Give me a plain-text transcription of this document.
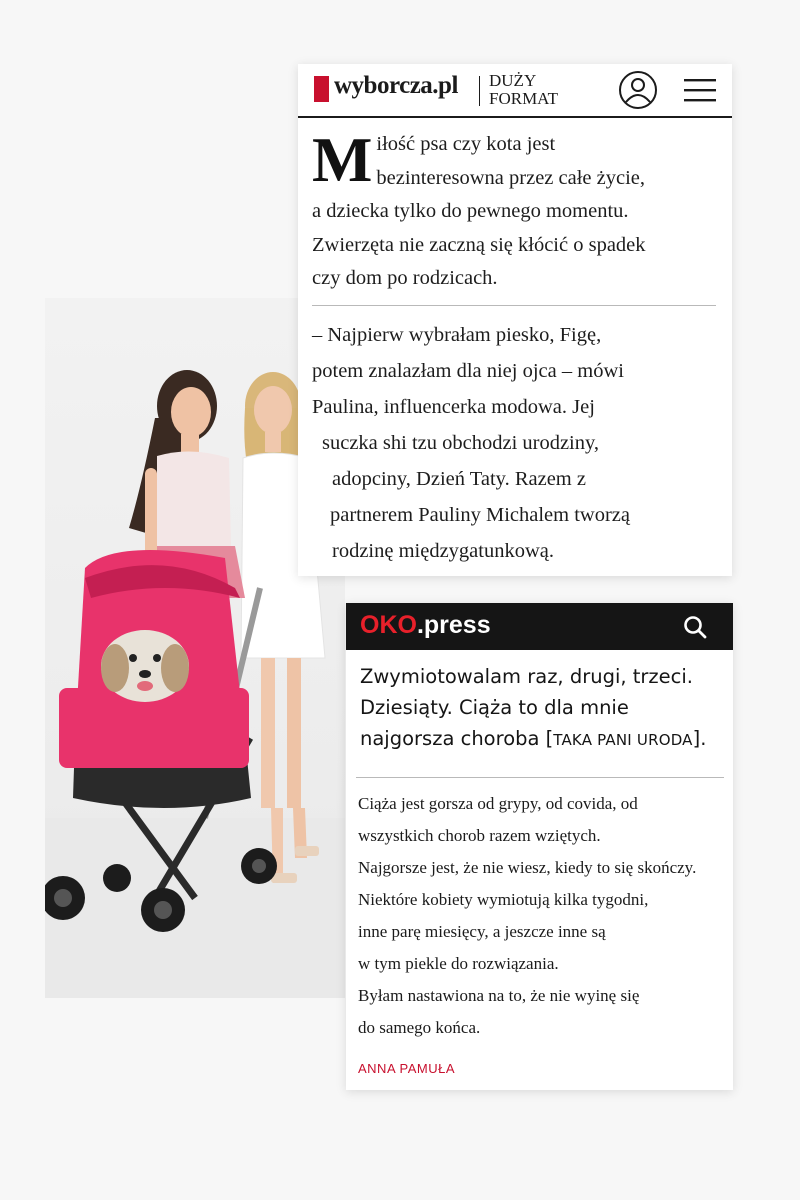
wyborcza.pl DUŻY
FORMAT
M iłość psa czy kota jest
bezinteresowna przez całe życie,
a dziecka tylko do pewnego momentu.
Zwierzęta nie zaczną się kłócić o spadek
czy dom po rodzicach.
– Najpierw wybrałam piesko, Figę,
potem znalazłam dla niej ojca – mówi
Paulina, influencerka modowa. Jej
suczka shi tzu obchodzi urodziny,
adopciny, Dzień Taty. Razem z
partnerem Pauliny Michalem tworzą
rodzinę międzygatunkową.
OKO.press
Zwymiotowalam raz, drugi, trzeci.
Dziesiąty. Ciąża to dla mnie
najgorsza choroba [TAKA PANI URODA].
Ciąża jest gorsza od grypy, od covida, od
wszystkich chorob razem wziętych.
Najgorsze jest, że nie wiesz, kiedy to się skończy.
Niektóre kobiety wymiotują kilka tygodni,
inne parę miesięcy, a jeszcze inne są
w tym piekle do rozwiązania.
Byłam nastawiona na to, że nie wyinę się
do samego końca.
ANNA PAMUŁA
